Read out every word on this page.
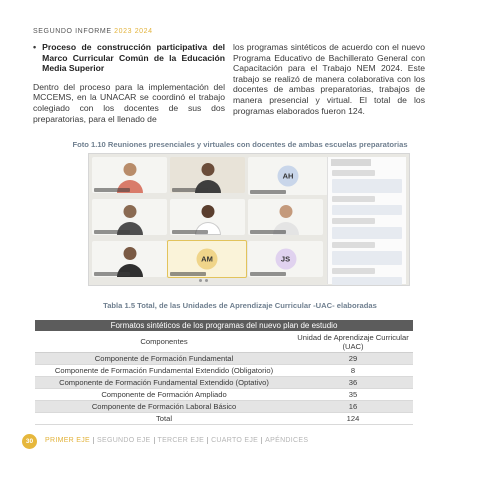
SEGUNDO INFORME 2023 2024
• Proceso de construcción participativa del Marco Curricular Común de la Educación Media Superior

Dentro del proceso para la implementación del MCCEMS, en la UNACAR se coordinó el trabajo colegiado con los docentes de sus dos preparatorias, para el llenado de

los programas sintéticos de acuerdo con el nuevo Programa Educativo de Bachillerato General con Capacitación para el Trabajo NEM 2024. Este trabajo se realizó de manera colaborativa con los docentes de ambas preparatorias, trabajos de manera presencial y virtual. El total de los programas elaborados fueron 124.

Foto 1.10 Reuniones presenciales y virtuales con docentes de ambas escuelas preparatorias
AH
AM	JS
Tabla 1.5 Total, de las Unidades de Aprendizaje Curricular -UAC- elaboradas
Formatos sintéticos de los programas del nuevo plan de estudio
Componentes	Unidad de Aprendizaje Curricular (UAC)
Componente de Formación Fundamental	29
Componente de Formación Fundamental Extendido (Obligatorio)	8
Componente de Formación Fundamental Extendido (Optativo)	36
Componente de Formación Ampliado	35
Componente de Formación Laboral Básico	16
Total	124
30	PRIMER EJE	SEGUNDO EJE	TERCER EJE	CUARTO EJE	APÉNDICES
